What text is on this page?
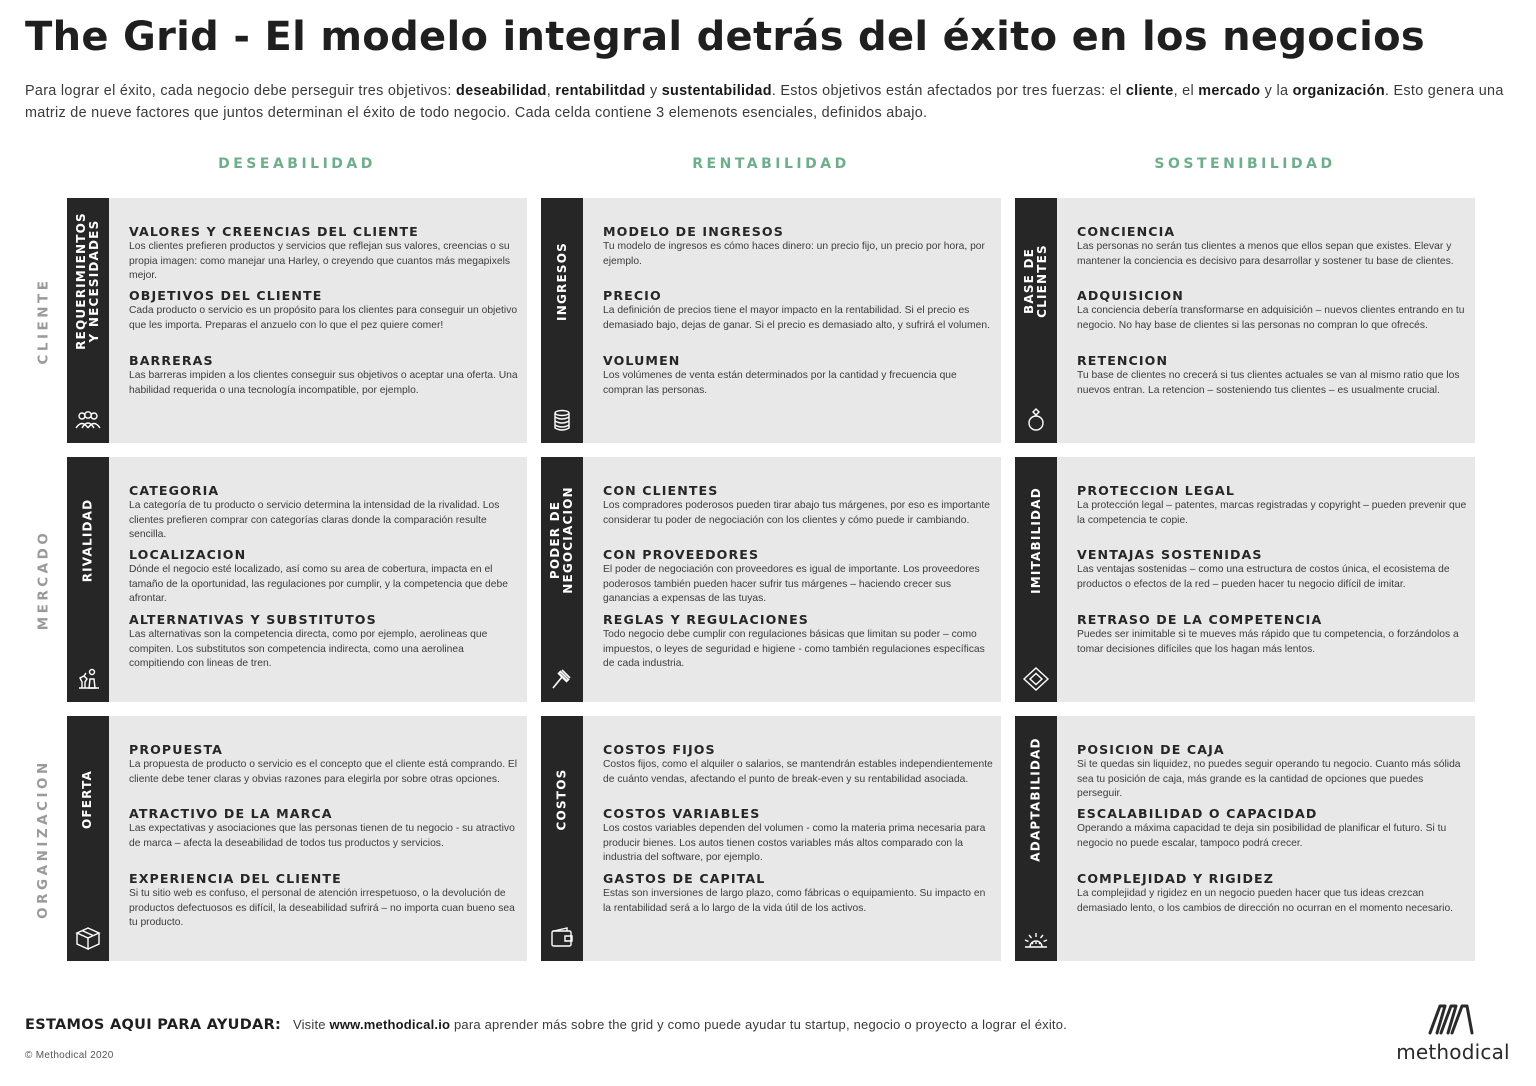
The Grid - El modelo integral detrás del éxito en los negocios
Para lograr el éxito, cada negocio debe perseguir tres objetivos: deseabilidad, rentabilitdad y sustentabilidad. Estos objetivos están afectados por tres fuerzas: el cliente, el mercado y la organización. Esto genera una matriz de nueve factores que juntos determinan el éxito de todo negocio. Cada celda contiene 3 elemenots esenciales, definidos abajo.
DESEABILIDAD	RENTABILIDAD	SOSTENIBILIDAD
CLIENTE
MERCADO
ORGANIZACION
REQUERIMIENTOS
Y NECESIDADES VALORES Y CREENCIAS DEL CLIENTE

Los clientes prefieren productos y servicios que reflejan sus valores, creencias o su propia imagen: como manejar una Harley, o creyendo que cuantos más megapixels mejor.

OBJETIVOS DEL CLIENTE

Cada producto o servicio es un propósito para los clientes para conseguir un objetivo que les importa. Preparas el anzuelo con lo que el pez quiere comer!

BARRERAS

Las barreras impiden a los clientes conseguir sus objetivos o aceptar una oferta. Una habilidad requerida o una tecnología incompatible, por ejemplo.

INGRESOS
MODELO DE INGRESOS

Tu modelo de ingresos es cómo haces dinero: un precio fijo, un precio por hora, por ejemplo.

PRECIO

La definición de precios tiene el mayor impacto en la rentabilidad. Si el precio es demasiado bajo, dejas de ganar. Si el precio es demasiado alto, y sufrirá el volumen.

VOLUMEN

Los volúmenes de venta están determinados por la cantidad y frecuencia que compran las personas.

BASE DE
CLIENTES
CONCIENCIA

Las personas no serán tus clientes a menos que ellos sepan que existes. Elevar y mantener la conciencia es decisivo para desarrollar y sostener tu base de clientes.

ADQUISICION

La conciencia debería transformarse en adquisición – nuevos clientes entrando en tu negocio. No hay base de clientes si las personas no compran lo que ofrecés.

RETENCION

Tu base de clientes no crecerá si tus clientes actuales se van al mismo ratio que los nuevos entran. La retencion – sosteniendo tus clientes – es usualmente crucial.

RIVALIDAD
CATEGORIA

La categoría de tu producto o servicio determina la intensidad de la rivalidad. Los clientes prefieren comprar con categorías claras donde la comparación resulte sencilla.

LOCALIZACION

Dónde el negocio esté localizado, así como su area de cobertura, impacta en el tamaño de la oportunidad, las regulaciones por cumplir, y la competencia que debe afrontar.

ALTERNATIVAS Y SUBSTITUTOS

Las alternativas son la competencia directa, como por ejemplo, aerolineas que compiten. Los substitutos son competencia indirecta, como una aerolinea compitiendo con lineas de tren.

PODER DE
NEGOCIACION CON CLIENTES

Los compradores poderosos pueden tirar abajo tus márgenes, por eso es importante considerar tu poder de negociación con los clientes y cómo puede ir cambiando.

CON PROVEEDORES

El poder de negociación con proveedores es igual de importante. Los proveedores poderosos también pueden hacer sufrir tus márgenes – haciendo crecer sus ganancias a expensas de las tuyas.

REGLAS Y REGULACIONES

Todo negocio debe cumplir con regulaciones básicas que limitan su poder – como impuestos, o leyes de seguridad e higiene - como también regulaciones específicas de cada industria.

IMITABILIDAD	PROTECCION LEGAL

La protección legal – patentes, marcas registradas y copyright – pueden prevenir que la competencia te copie.

VENTAJAS SOSTENIDAS

Las ventajas sostenidas – como una estructura de costos única, el ecosistema de productos o efectos de la red – pueden hacer tu negocio difícil de imitar.

RETRASO DE LA COMPETENCIA

Puedes ser inimitable si te mueves más rápido que tu competencia, o forzándolos a tomar decisiones difíciles que los hagan más lentos.

OFERTA
PROPUESTA

La propuesta de producto o servicio es el concepto que el cliente está comprando. El cliente debe tener claras y obvias razones para elegirla por sobre otras opciones.

ATRACTIVO DE LA MARCA

Las expectativas y asociaciones que las personas tienen de tu negocio - su atractivo de marca – afecta la deseabilidad de todos tus productos y servicios.

EXPERIENCIA DEL CLIENTE

Si tu sitio web es confuso, el personal de atención irrespetuoso, o la devolución de productos defectuosos es difícil, la deseabilidad sufrirá – no importa cuan bueno sea tu producto.

COSTOS
COSTOS FIJOS

Costos fijos, como el alquiler o salarios, se mantendrán estables independientemente de cuánto vendas, afectando el punto de break-even y su rentabilidad asociada.

COSTOS VARIABLES

Los costos variables dependen del volumen - como la materia prima necesaria para producir bienes. Los autos tienen costos variables más altos comparado con la industria del software, por ejemplo.

GASTOS DE CAPITAL

Estas son inversiones de largo plazo, como fábricas o equipamiento. Su impacto en la rentabilidad será a lo largo de la vida útil de los activos.

ADAPTABILIDAD	POSICION DE CAJA

Si te quedas sin liquidez, no puedes seguir operando tu negocio. Cuanto más sólida sea tu posición de caja, más grande es la cantidad de opciones que puedes perseguir.

ESCALABILIDAD O CAPACIDAD

Operando a máxima capacidad te deja sin posibilidad de planificar el futuro. Si tu negocio no puede escalar, tampoco podrá crecer.

COMPLEJIDAD Y RIGIDEZ

La complejidad y rigidez en un negocio pueden hacer que tus ideas crezcan demasiado lento, o los cambios de dirección no ocurran en el momento necesario.

ESTAMOS AQUI PARA AYUDAR: Visite www.methodical.io para aprender más sobre the grid y como puede ayudar tu startup, negocio o proyecto a lograr el éxito.
© Methodical 2020	methodical
